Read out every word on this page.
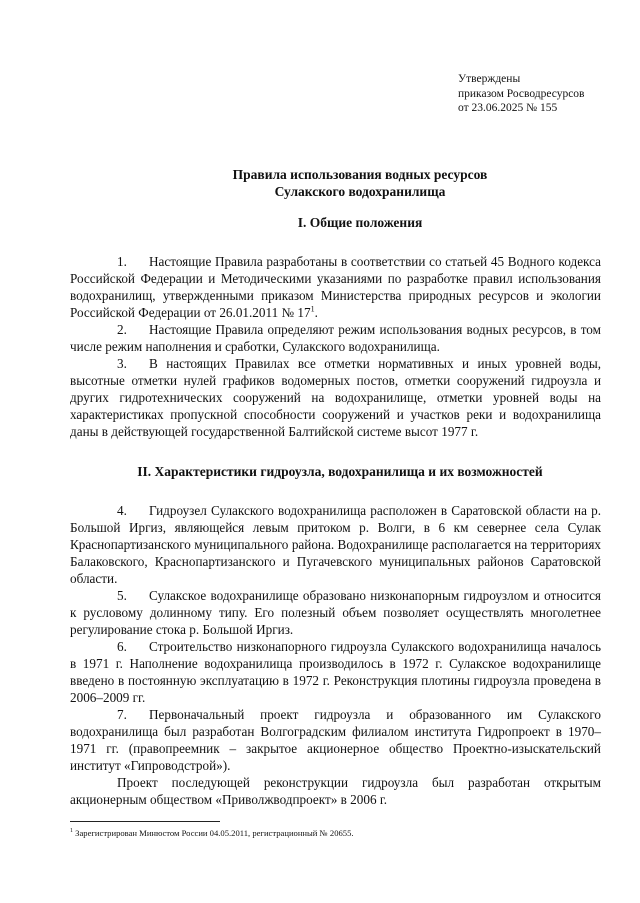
Утверждены
приказом Росводресурсов
от 23.06.2025 № 155
Правила использования водных ресурсов
Сулакского водохранилища
I. Общие положения

1. Настоящие Правила разработаны в соответствии со статьей 45 Водного кодекса Российской Федерации и Методическими указаниями по разработке правил использования водохранилищ, утвержденными приказом Министерства природных ресурсов и экологии Российской Федерации от 26.01.2011 № $17^1$.

2. Настоящие Правила определяют режим использования водных ресурсов, в том числе режим наполнения и сработки, Сулакского водохранилища.

3. В настоящих Правилах все отметки нормативных и иных уровней воды, высотные отметки нулей графиков водомерных постов, отметки сооружений гидроузла и других гидротехнических сооружений на водохранилище, отметки уровней воды на характеристиках пропускной способности сооружений и участков реки и водохранилища даны в действующей государственной Балтийской системе высот 1977 г.

II. Характеристики гидроузла, водохранилища и их возможностей

4. Гидроузел Сулакского водохранилища расположен в Саратовской области на р. Большой Иргиз, являющейся левым притоком р. Волги, в 6 км севернее села Сулак Краснопартизанского муниципального района. Водохранилище располагается на территориях Балаковского, Краснопартизанского и Пугачевского муниципальных районов Саратовской области.

5. Сулакское водохранилище образовано низконапорным гидроузлом и относится к русловому долинному типу. Его полезный объем позволяет осуществлять многолетнее регулирование стока р. Большой Иргиз.

6. Строительство низконапорного гидроузла Сулакского водохранилища началось в 1971 г. Наполнение водохранилища производилось в 1972 г. Сулакское водохранилище введено в постоянную эксплуатацию в 1972 г. Реконструкция плотины гидроузла проведена в 2006–2009 гг.

7. Первоначальный проект гидроузла и образованного им Сулакского водохранилища был разработан Волгоградским филиалом института Гидропроект в 1970–1971 гг. (правопреемник – закрытое акционерное общество Проектно-изыскательский институт «Гипроводстрой»).

Проект последующей реконструкции гидроузла был разработан открытым акционерным обществом «Приволжводпроект» в 2006 г.

$^1$ Зарегистрирован Минюстом России 04.05.2011, регистрационный № 20655.
